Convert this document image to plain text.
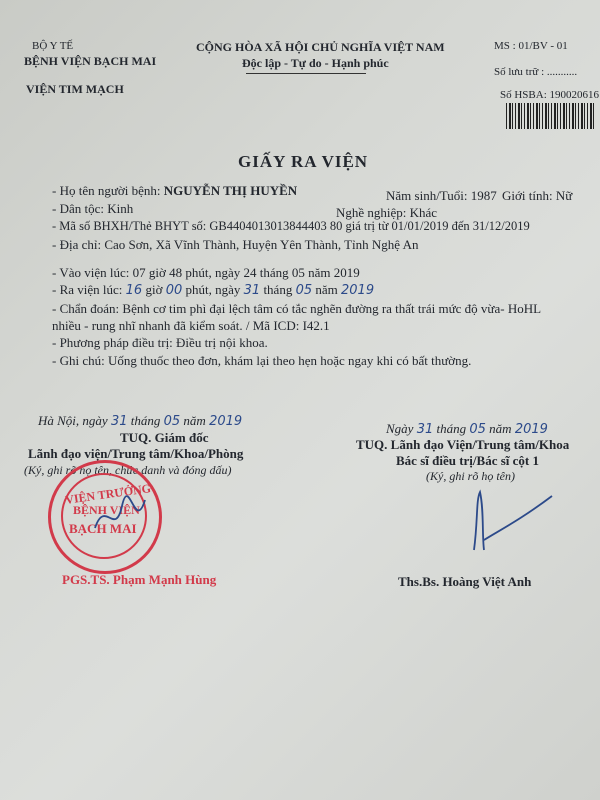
BỘ Y TẾ
BỆNH VIỆN BẠCH MAI
VIỆN TIM MẠCH
CỘNG HÒA XÃ HỘI CHỦ NGHĨA VIỆT NAM
Độc lập - Tự do - Hạnh phúc
MS : 01/BV - 01
Số lưu trữ : ...........
Số HSBA: 190020616
GIẤY RA VIỆN
- Họ tên người bệnh: NGUYỄN THỊ HUYỀN	Năm sinh/Tuổi: 1987 Giới tính: Nữ
- Dân tộc: Kinh	Nghề nghiệp: Khác
- Mã số BHXH/Thẻ BHYT số: GB4404013013844403 80 giá trị từ 01/01/2019 đến 31/12/2019
- Địa chỉ: Cao Sơn, Xã Vĩnh Thành, Huyện Yên Thành, Tỉnh Nghệ An
- Vào viện lúc: 07 giờ 48 phút, ngày 24 tháng 05 năm 2019
- Ra viện lúc: 16 giờ 00 phút, ngày 31 tháng 05 năm 2019
- Chẩn đoán: Bệnh cơ tim phì đại lệch tâm có tắc nghẽn đường ra thất trái mức độ vừa- HoHL
nhiều - rung nhĩ nhanh đã kiểm soát. / Mã ICD: I42.1
- Phương pháp điều trị: Điều trị nội khoa.
- Ghi chú: Uống thuốc theo đơn, khám lại theo hẹn hoặc ngay khi có bất thường.
Hà Nội, ngày 31 tháng 05 năm 2019
TUQ. Giám đốc
Lãnh đạo viện/Trung tâm/Khoa/Phòng
(Ký, ghi rõ họ tên, chức danh và đóng dấu)
VIỆN TRƯỞNG
BỆNH VIỆN
BẠCH MAI
PGS.TS. Phạm Mạnh Hùng
Ngày 31 tháng 05 năm 2019
TUQ. Lãnh đạo Viện/Trung tâm/Khoa
Bác sĩ điều trị/Bác sĩ cột 1
(Ký, ghi rõ họ tên)
Ths.Bs. Hoàng Việt Anh
